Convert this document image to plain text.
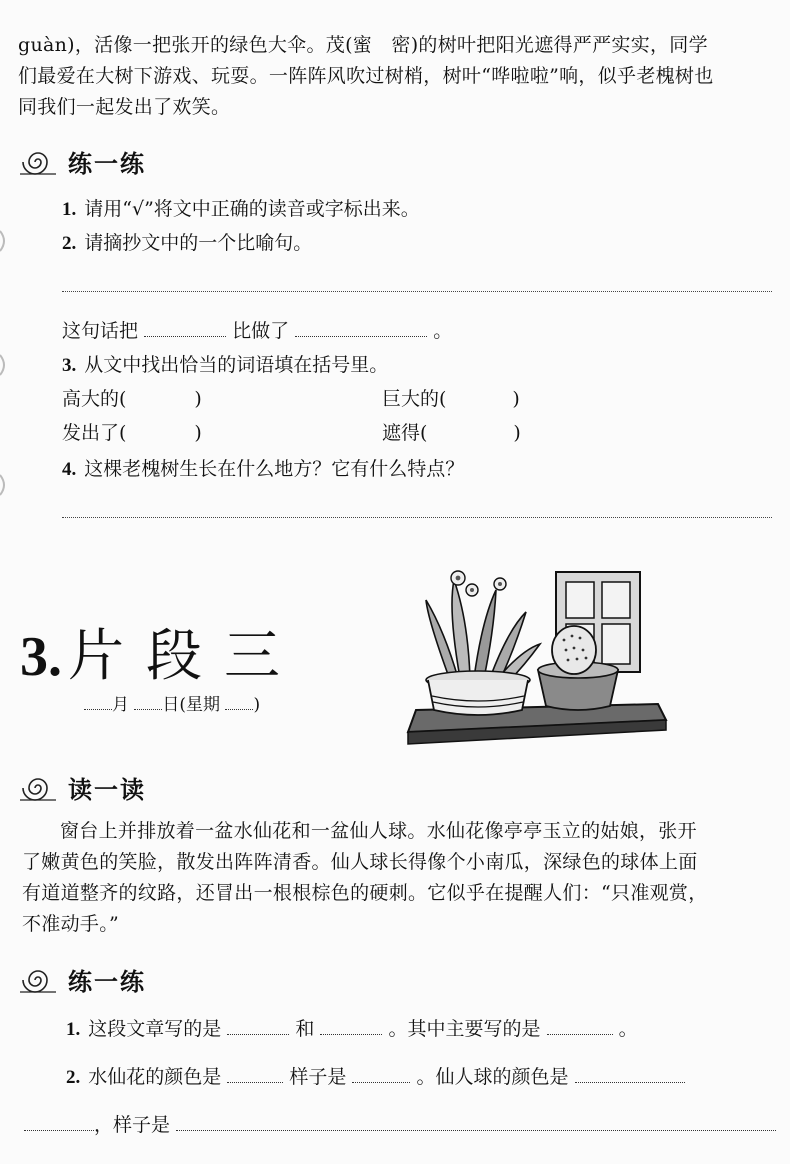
guàn)，活像一把张开的绿色大伞。茂(蜜　密)的树叶把阳光遮得严严实实，同学
们最爱在大树下游戏、玩耍。一阵阵风吹过树梢，树叶“哗啦啦”响，似乎老槐树也
同我们一起发出了欢笑。
练一练
1. 请用“√”将文中正确的读音或字标出来。
2. 请摘抄文中的一个比喻句。
这句话把	比做了	。
3. 从文中找出恰当的词语填在括号里。
高大的(	)	巨大的(	)
发出了(	)	遮得(	)
4. 这棵老槐树生长在什么地方？它有什么特点？
3. 片段三
月 日(星期 )
读一读
窗台上并排放着一盆水仙花和一盆仙人球。水仙花像亭亭玉立的姑娘，张开
了嫩黄色的笑脸，散发出阵阵清香。仙人球长得像个小南瓜，深绿色的球体上面
有道道整齐的纹路，还冒出一根根棕色的硬刺。它似乎在提醒人们：“只准观赏，
不准动手。”
练一练
1. 这段文章写的是	和	。其中主要写的是	。
2. 水仙花的颜色是	样子是	。仙人球的颜色是
，样子是
